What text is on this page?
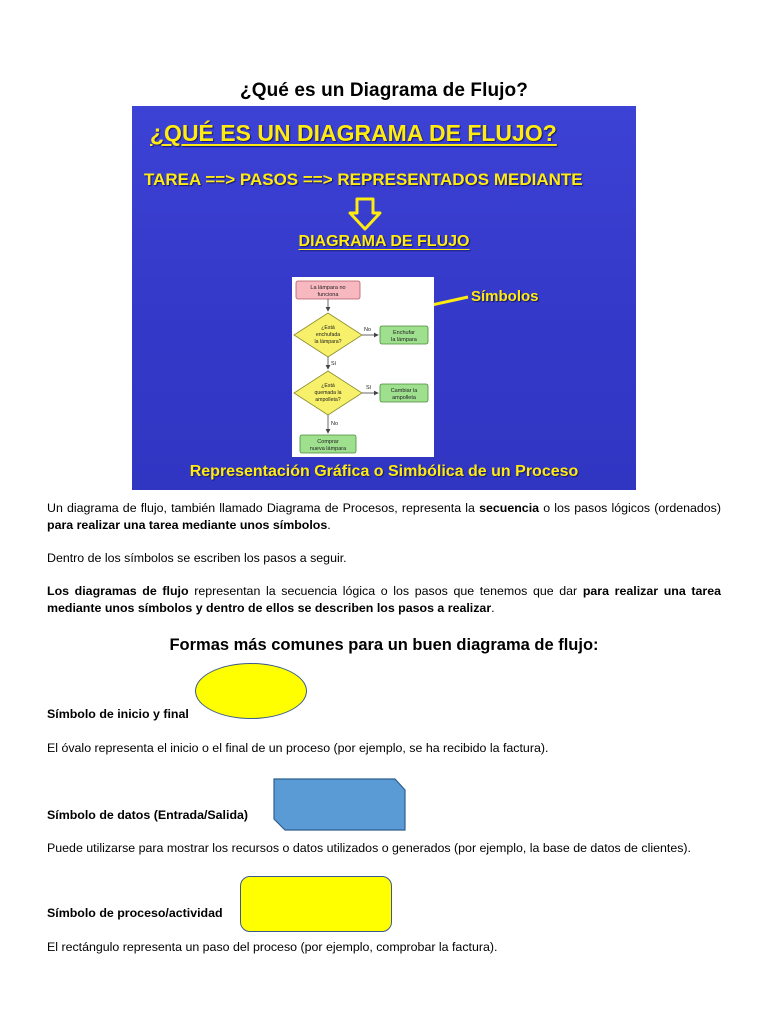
¿Qué es un Diagrama de Flujo?
¿QUÉ ES UN DIAGRAMA DE FLUJO?
TAREA ==> PASOS ==> REPRESENTADOS MEDIANTE
DIAGRAMA DE FLUJO
Símbolos
La lámpara no
funciona
¿Está
enchufada
la lámpara?
No	Enchufar
la lámpara
Sí
¿Está
quemada la
ampolleta?
Sí	Cambiar la
ampolleta
No
Comprar
nueva lámpara
Representación Gráfica o Simbólica de un Proceso
Un diagrama de flujo, también llamado Diagrama de Procesos, representa la secuencia o los pasos lógicos (ordenados) para realizar una tarea mediante unos símbolos.
Dentro de los símbolos se escriben los pasos a seguir.
Los diagramas de flujo representan la secuencia lógica o los pasos que tenemos que dar para realizar una tarea mediante unos símbolos y dentro de ellos se describen los pasos a realizar.
Formas más comunes para un buen diagrama de flujo:
Símbolo de inicio y final
El óvalo representa el inicio o el final de un proceso (por ejemplo, se ha recibido la factura).
Símbolo de datos (Entrada/Salida)
Puede utilizarse para mostrar los recursos o datos utilizados o generados (por ejemplo, la base de datos de clientes).
Símbolo de proceso/actividad
El rectángulo representa un paso del proceso (por ejemplo, comprobar la factura).
